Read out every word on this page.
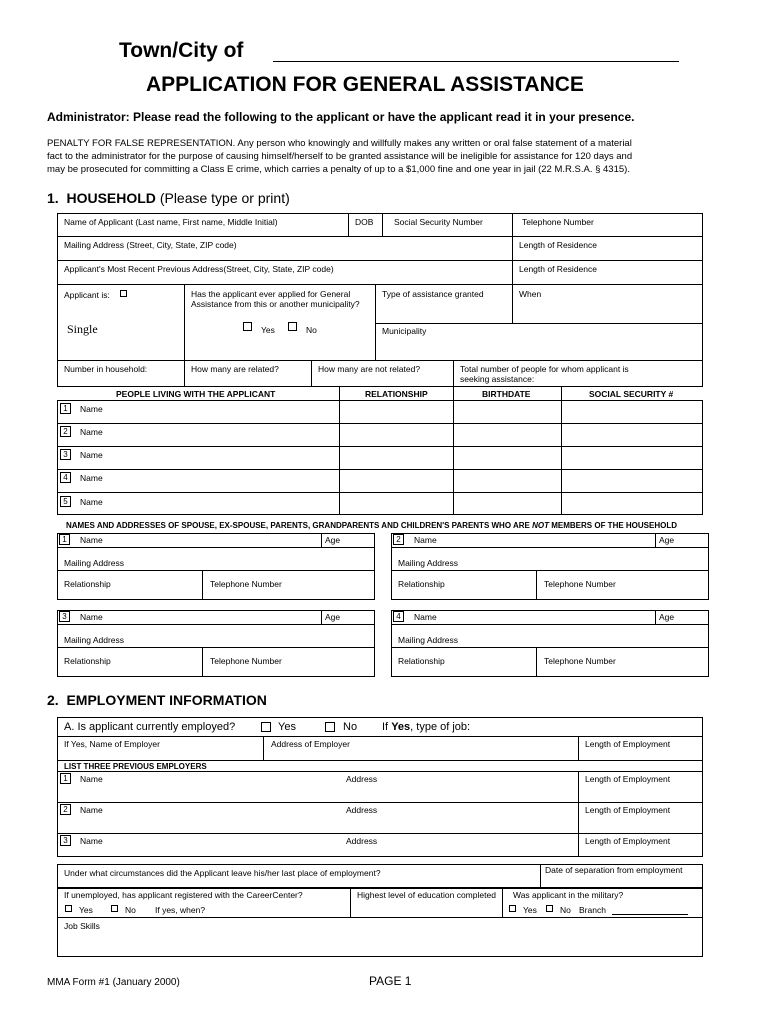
Town/City of
APPLICATION FOR GENERAL ASSISTANCE
Administrator: Please read the following to the applicant or have the applicant read it in your presence.
PENALTY FOR FALSE REPRESENTATION. Any person who knowingly and willfully makes any written or oral false statement of a material
fact to the administrator for the purpose of causing himself/herself to be granted assistance will be ineligible for assistance for 120 days and
may be prosecuted for committing a Class E crime, which carries a penalty of up to a $1,000 fine and one year in jail (22 M.R.S.A. § 4315).
1. HOUSEHOLD (Please type or print)
Name of Applicant (Last name, First name, Middle Initial)	DOB Social Security Number	Telephone Number
Mailing Address (Street, City, State, ZIP code)	Length of Residence
Applicant's Most Recent Previous Address(Street, City, State, ZIP code)	Length of Residence
Applicant is:
Single
Has the applicant ever applied for General
Assistance from this or another municipality?
Yes	No
Type of assistance granted	When
Municipality
Number in household:	How many are related?	How many are not related?	Total number of people for whom applicant is
seeking assistance:
PEOPLE LIVING WITH THE APPLICANT	RELATIONSHIP	BIRTHDATE	SOCIAL SECURITY #
1	Name
2	Name
3	Name
4	Name
5	Name
NAMES AND ADDRESSES OF SPOUSE, EX-SPOUSE, PARENTS, GRANDPARENTS AND CHILDREN'S PARENTS WHO ARE NOT MEMBERS OF THE HOUSEHOLD
1	Name	Age
Mailing Address
Relationship	Telephone Number
2	Name	Age
Mailing Address
Relationship	Telephone Number
3	Name	Age
Mailing Address
Relationship	Telephone Number
4	Name	Age
Mailing Address
Relationship	Telephone Number
2. EMPLOYMENT INFORMATION
A. Is applicant currently employed?	Yes	No If Yes, type of job:
If Yes, Name of Employer	Address of Employer	Length of Employment
LIST THREE PREVIOUS EMPLOYERS
1	Name	Address	Length of Employment
2	Name	Address	Length of Employment
3	Name	Address	Length of Employment
Under what circumstances did the Applicant leave his/her last place of employment?	Date of separation from employment
If unemployed, has applicant registered with the CareerCenter?
Yes	No If yes, when?
Highest level of education completed Was applicant in the military?
Yes	No Branch
Job Skills
MMA Form #1 (January 2000)	PAGE 1
